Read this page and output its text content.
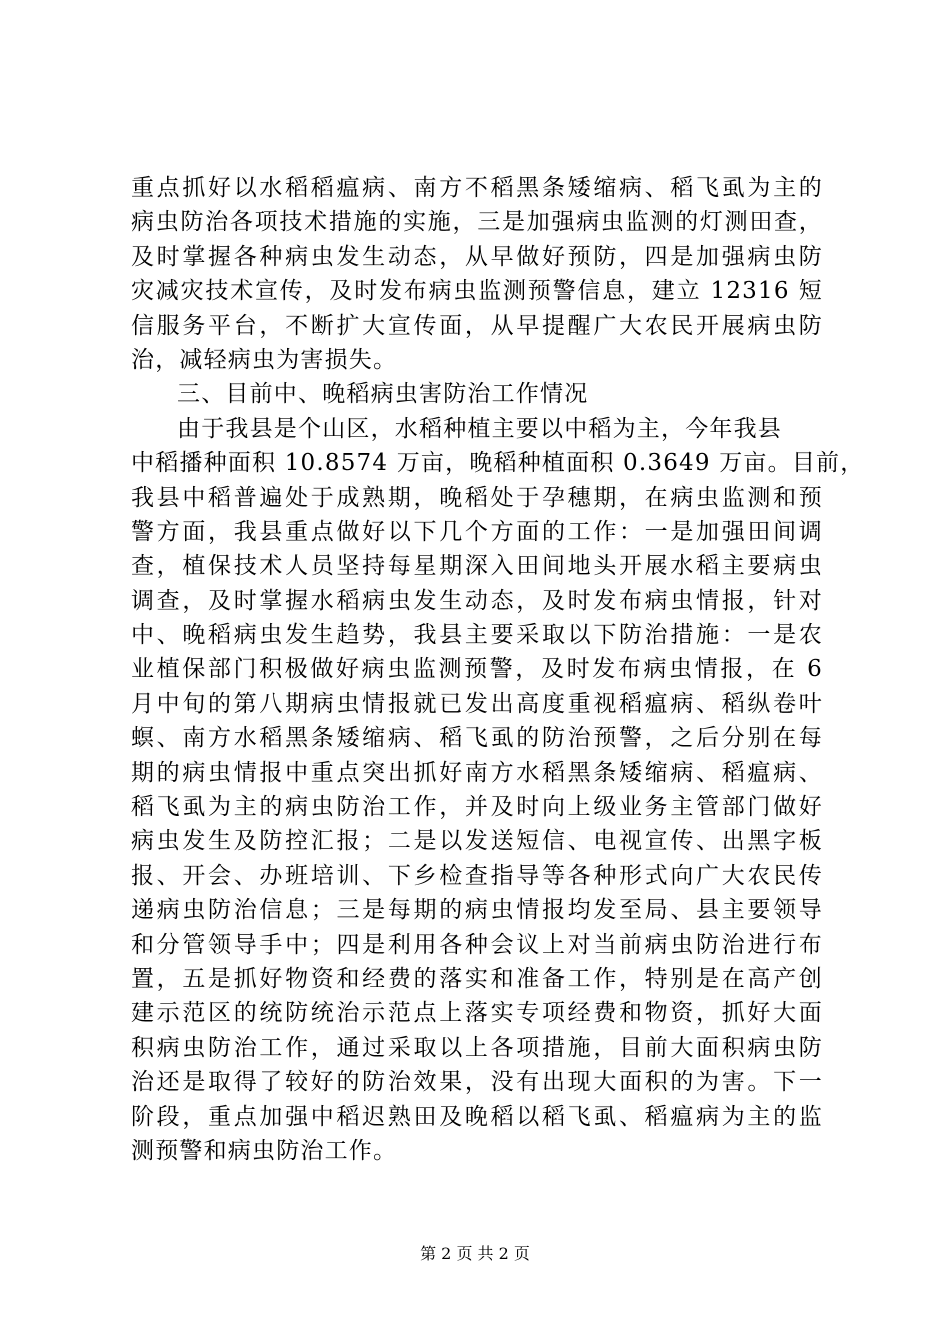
重点抓好以水稻稻瘟病、南方不稻黑条矮缩病、稻飞虱为主的
病虫防治各项技术措施的实施，三是加强病虫监测的灯测田查，
及时掌握各种病虫发生动态，从早做好预防，四是加强病虫防
灾减灾技术宣传，及时发布病虫监测预警信息，建立 12316 短
信服务平台，不断扩大宣传面，从早提醒广大农民开展病虫防
治，减轻病虫为害损失。
三、目前中、晚稻病虫害防治工作情况
由于我县是个山区，水稻种植主要以中稻为主，今年我县
中稻播种面积 10.8574 万亩，晚稻种植面积 0.3649 万亩。目前，
我县中稻普遍处于成熟期，晚稻处于孕穗期，在病虫监测和预
警方面，我县重点做好以下几个方面的工作：一是加强田间调
查，植保技术人员坚持每星期深入田间地头开展水稻主要病虫
调查，及时掌握水稻病虫发生动态，及时发布病虫情报，针对
中、晚稻病虫发生趋势，我县主要采取以下防治措施：一是农
业植保部门积极做好病虫监测预警，及时发布病虫情报，在 6
月中旬的第八期病虫情报就已发出高度重视稻瘟病、稻纵卷叶
螟、南方水稻黑条矮缩病、稻飞虱的防治预警，之后分别在每
期的病虫情报中重点突出抓好南方水稻黑条矮缩病、稻瘟病、
稻飞虱为主的病虫防治工作，并及时向上级业务主管部门做好
病虫发生及防控汇报；二是以发送短信、电视宣传、出黑字板
报、开会、办班培训、下乡检查指导等各种形式向广大农民传
递病虫防治信息；三是每期的病虫情报均发至局、县主要领导
和分管领导手中；四是利用各种会议上对当前病虫防治进行布
置，五是抓好物资和经费的落实和准备工作，特别是在高产创
建示范区的统防统治示范点上落实专项经费和物资，抓好大面
积病虫防治工作，通过采取以上各项措施，目前大面积病虫防
治还是取得了较好的防治效果，没有出现大面积的为害。下一
阶段，重点加强中稻迟熟田及晚稻以稻飞虱、稻瘟病为主的监
测预警和病虫防治工作。
第 2 页 共 2 页
